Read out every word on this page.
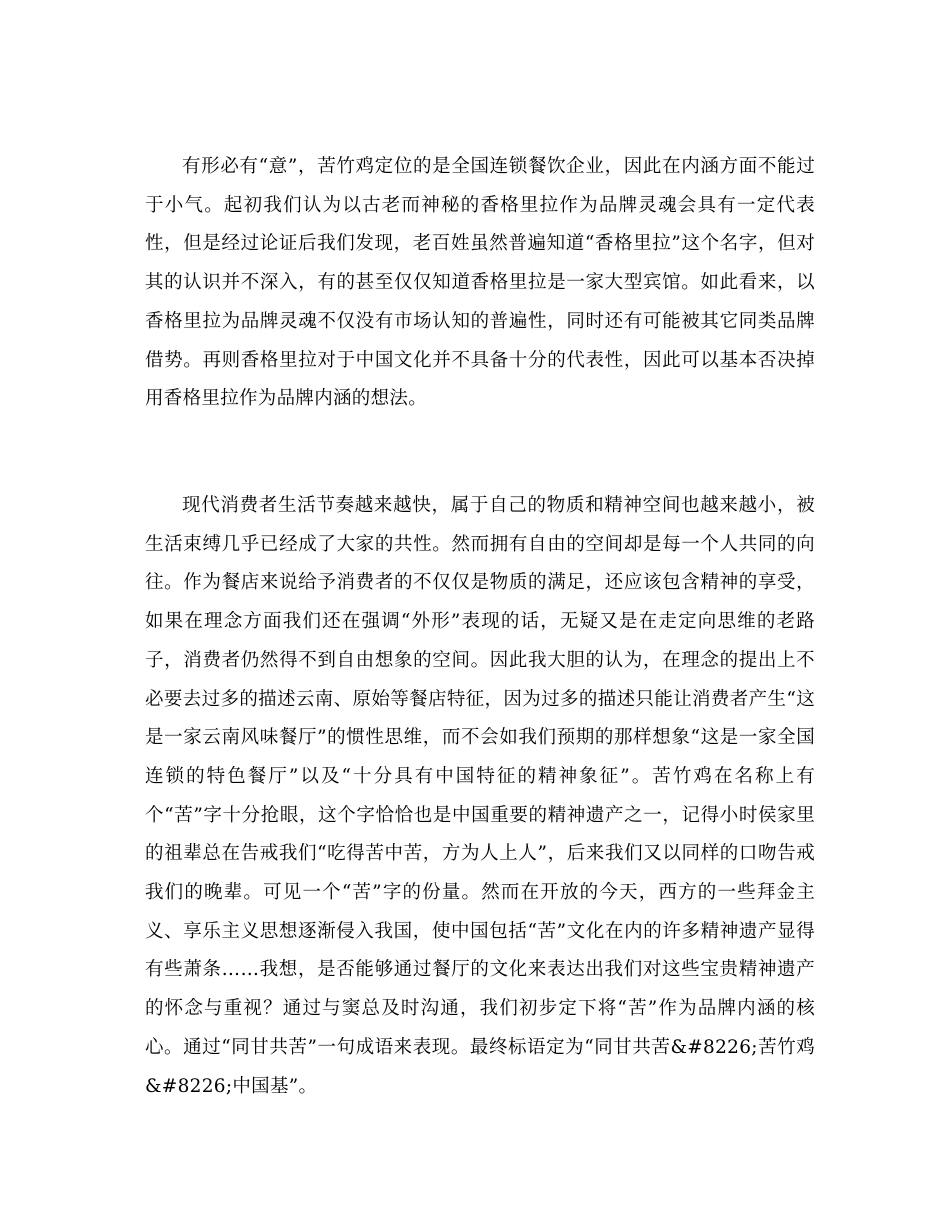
有形必有“意”，苦竹鸡定位的是全国连锁餐饮企业，因此在内涵方面不能过于小气。起初我们认为以古老而神秘的香格里拉作为品牌灵魂会具有一定代表性，但是经过论证后我们发现，老百姓虽然普遍知道“香格里拉”这个名字，但对其的认识并不深入，有的甚至仅仅知道香格里拉是一家大型宾馆。如此看来，以香格里拉为品牌灵魂不仅没有市场认知的普遍性，同时还有可能被其它同类品牌借势。再则香格里拉对于中国文化并不具备十分的代表性，因此可以基本否决掉用香格里拉作为品牌内涵的想法。

现代消费者生活节奏越来越快，属于自己的物质和精神空间也越来越小，被生活束缚几乎已经成了大家的共性。然而拥有自由的空间却是每一个人共同的向往。作为餐店来说给予消费者的不仅仅是物质的满足，还应该包含精神的享受，如果在理念方面我们还在强调“外形”表现的话，无疑又是在走定向思维的老路子，消费者仍然得不到自由想象的空间。因此我大胆的认为，在理念的提出上不必要去过多的描述云南、原始等餐店特征，因为过多的描述只能让消费者产生“这是一家云南风味餐厅”的惯性思维，而不会如我们预期的那样想象“这是一家全国连锁的特色餐厅”以及“十分具有中国特征的精神象征”。苦竹鸡在名称上有个“苦”字十分抢眼，这个字恰恰也是中国重要的精神遗产之一，记得小时侯家里的祖辈总在告戒我们“吃得苦中苦，方为人上人”，后来我们又以同样的口吻告戒我们的晚辈。可见一个“苦”字的份量。然而在开放的今天，西方的一些拜金主义、享乐主义思想逐渐侵入我国，使中国包括“苦”文化在内的许多精神遗产显得有些萧条……我想，是否能够通过餐厅的文化来表达出我们对这些宝贵精神遗产的怀念与重视？通过与窦总及时沟通，我们初步定下将“苦”作为品牌内涵的核心。通过“同甘共苦”一句成语来表现。最终标语定为“同甘共苦&#8226;苦竹鸡&#8226;中国基”。
